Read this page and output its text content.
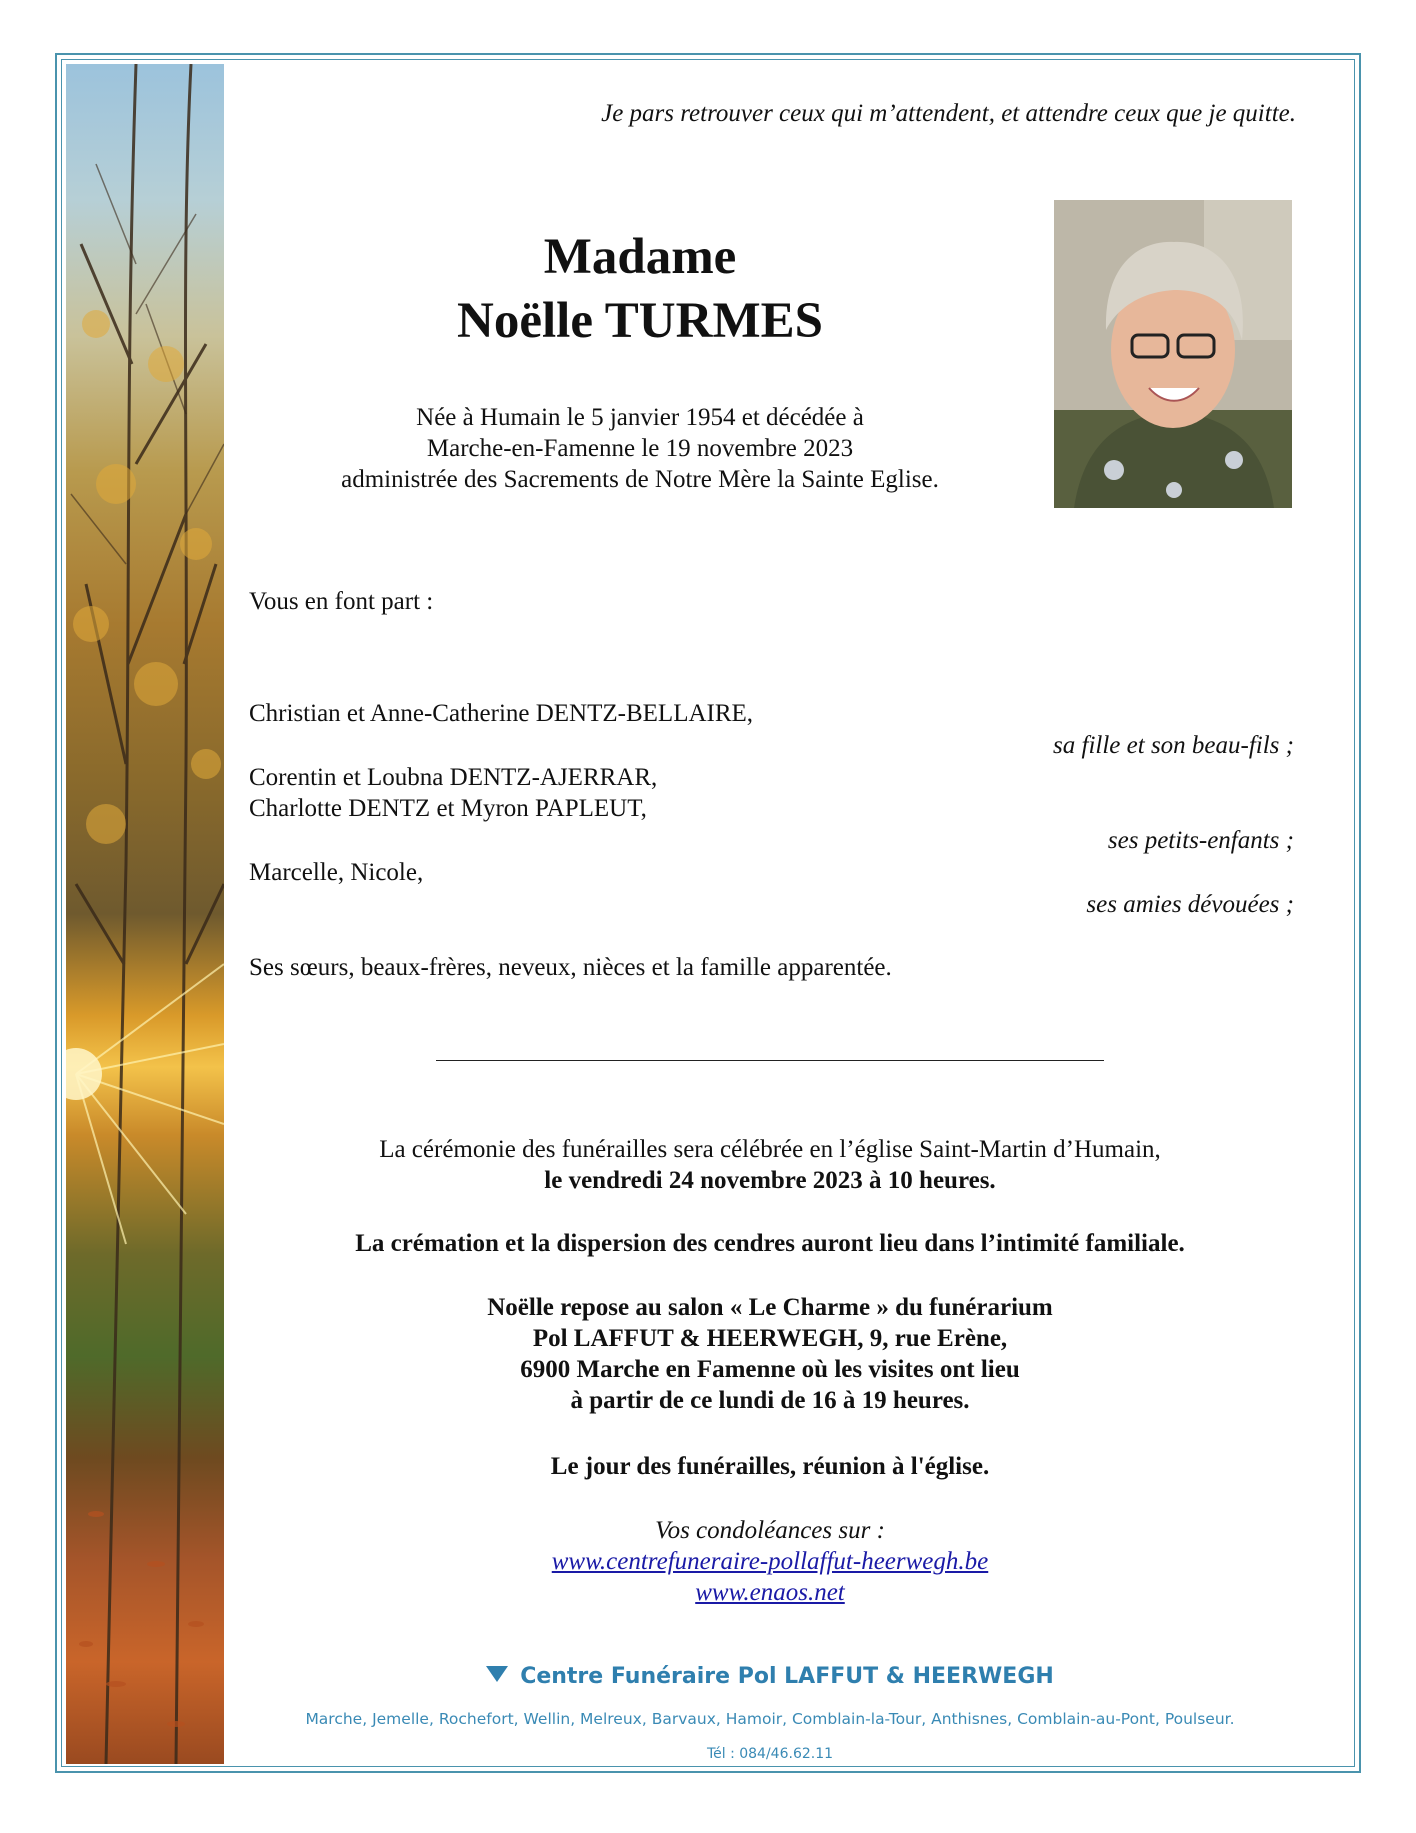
Je pars retrouver ceux qui m’attendent, et attendre ceux que je quitte.

Madame
Noëlle TURMES
Née à Humain le 5 janvier 1954 et décédée à
Marche-en-Famenne le 19 novembre 2023
administrée des Sacrements de Notre Mère la Sainte Eglise.
Vous en font part :
Christian et Anne-Catherine DENTZ-BELLAIRE,
sa fille et son beau-fils ;
Corentin et Loubna DENTZ-AJERRAR,
Charlotte DENTZ et Myron PAPLEUT,
ses petits-enfants ;
Marcelle, Nicole,
ses amies dévouées ;
Ses sœurs, beaux-frères, neveux, nièces et la famille apparentée.
La cérémonie des funérailles sera célébrée en l’église Saint-Martin d’Humain,
le vendredi 24 novembre 2023 à 10 heures.
La crémation et la dispersion des cendres auront lieu dans l’intimité familiale.
Noëlle repose au salon « Le Charme » du funérarium
Pol LAFFUT & HEERWEGH, 9, rue Erène,
6900 Marche en Famenne où les visites ont lieu
à partir de ce lundi de 16 à 19 heures.
Le jour des funérailles, réunion à l'église.
Vos condoléances sur :
www.centrefuneraire-pollaffut-heerwegh.be
www.enaos.net
Centre Funéraire Pol LAFFUT & HEERWEGH
Marche, Jemelle, Rochefort, Wellin, Melreux, Barvaux, Hamoir, Comblain-la-Tour, Anthisnes, Comblain-au-Pont, Poulseur.
Tél : 084/46.62.11
